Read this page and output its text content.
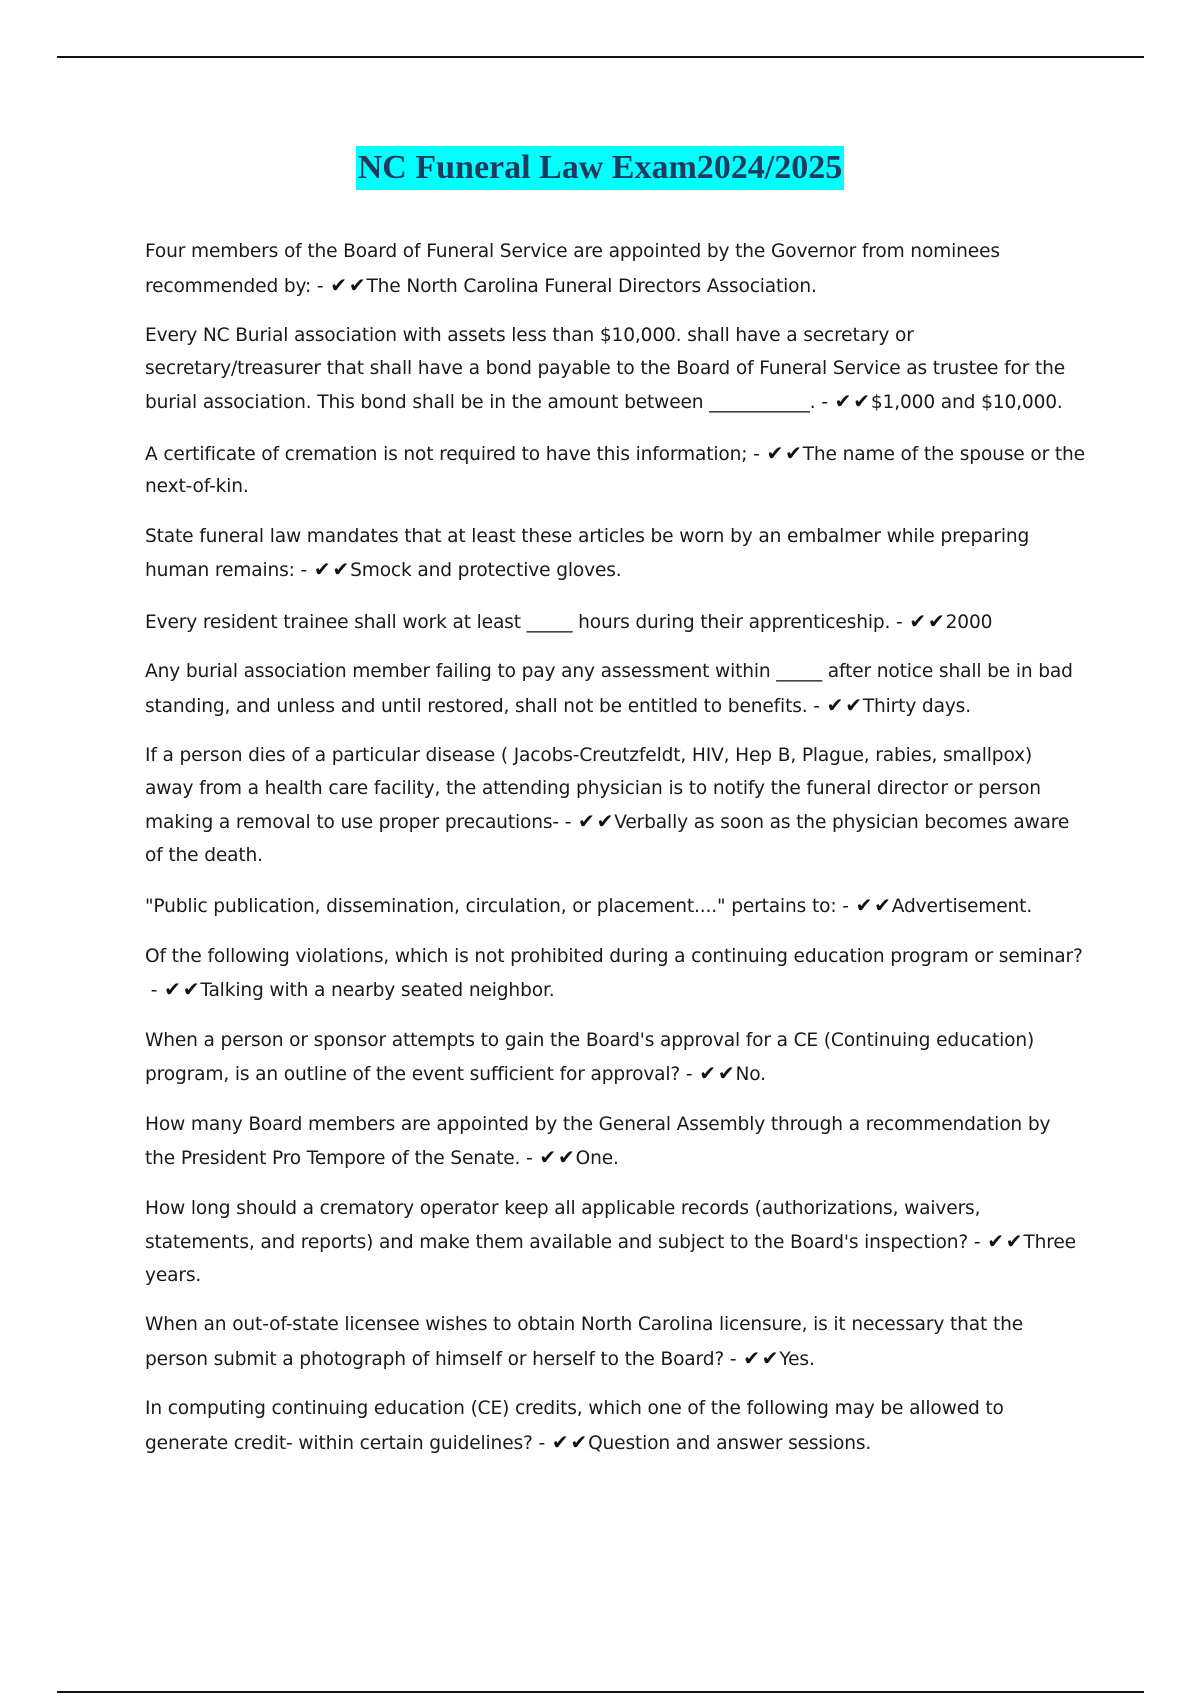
NC Funeral Law Exam2024/2025

Four members of the Board of Funeral Service are appointed by the Governor from nominees recommended by: - ✔ ✔The North Carolina Funeral Directors Association.

Every NC Burial association with assets less than $10,000. shall have a secretary or secretary/treasurer that shall have a bond payable to the Board of Funeral Service as trustee for the burial association. This bond shall be in the amount between ___________. - ✔ ✔$1,000 and $10,000.

A certificate of cremation is not required to have this information; - ✔ ✔The name of the spouse or the next-of-kin.

State funeral law mandates that at least these articles be worn by an embalmer while preparing human remains: - ✔ ✔Smock and protective gloves.

Every resident trainee shall work at least _____ hours during their apprenticeship. - ✔ ✔2000

Any burial association member failing to pay any assessment within _____ after notice shall be in bad standing, and unless and until restored, shall not be entitled to benefits. - ✔ ✔Thirty days.

If a person dies of a particular disease ( Jacobs-Creutzfeldt, HIV, Hep B, Plague, rabies, smallpox) away from a health care facility, the attending physician is to notify the funeral director or person making a removal to use proper precautions- - ✔ ✔Verbally as soon as the physician becomes aware of the death.

"Public publication, dissemination, circulation, or placement...." pertains to: - ✔ ✔Advertisement.

Of the following violations, which is not prohibited during a continuing education program or seminar? - ✔ ✔Talking with a nearby seated neighbor.

When a person or sponsor attempts to gain the Board's approval for a CE (Continuing education) program, is an outline of the event sufficient for approval? - ✔ ✔No.

How many Board members are appointed by the General Assembly through a recommendation by the President Pro Tempore of the Senate. - ✔ ✔One.

How long should a crematory operator keep all applicable records (authorizations, waivers, statements, and reports) and make them available and subject to the Board's inspection? - ✔ ✔Three years.

When an out-of-state licensee wishes to obtain North Carolina licensure, is it necessary that the person submit a photograph of himself or herself to the Board? - ✔ ✔Yes.

In computing continuing education (CE) credits, which one of the following may be allowed to generate credit- within certain guidelines? - ✔ ✔Question and answer sessions.
